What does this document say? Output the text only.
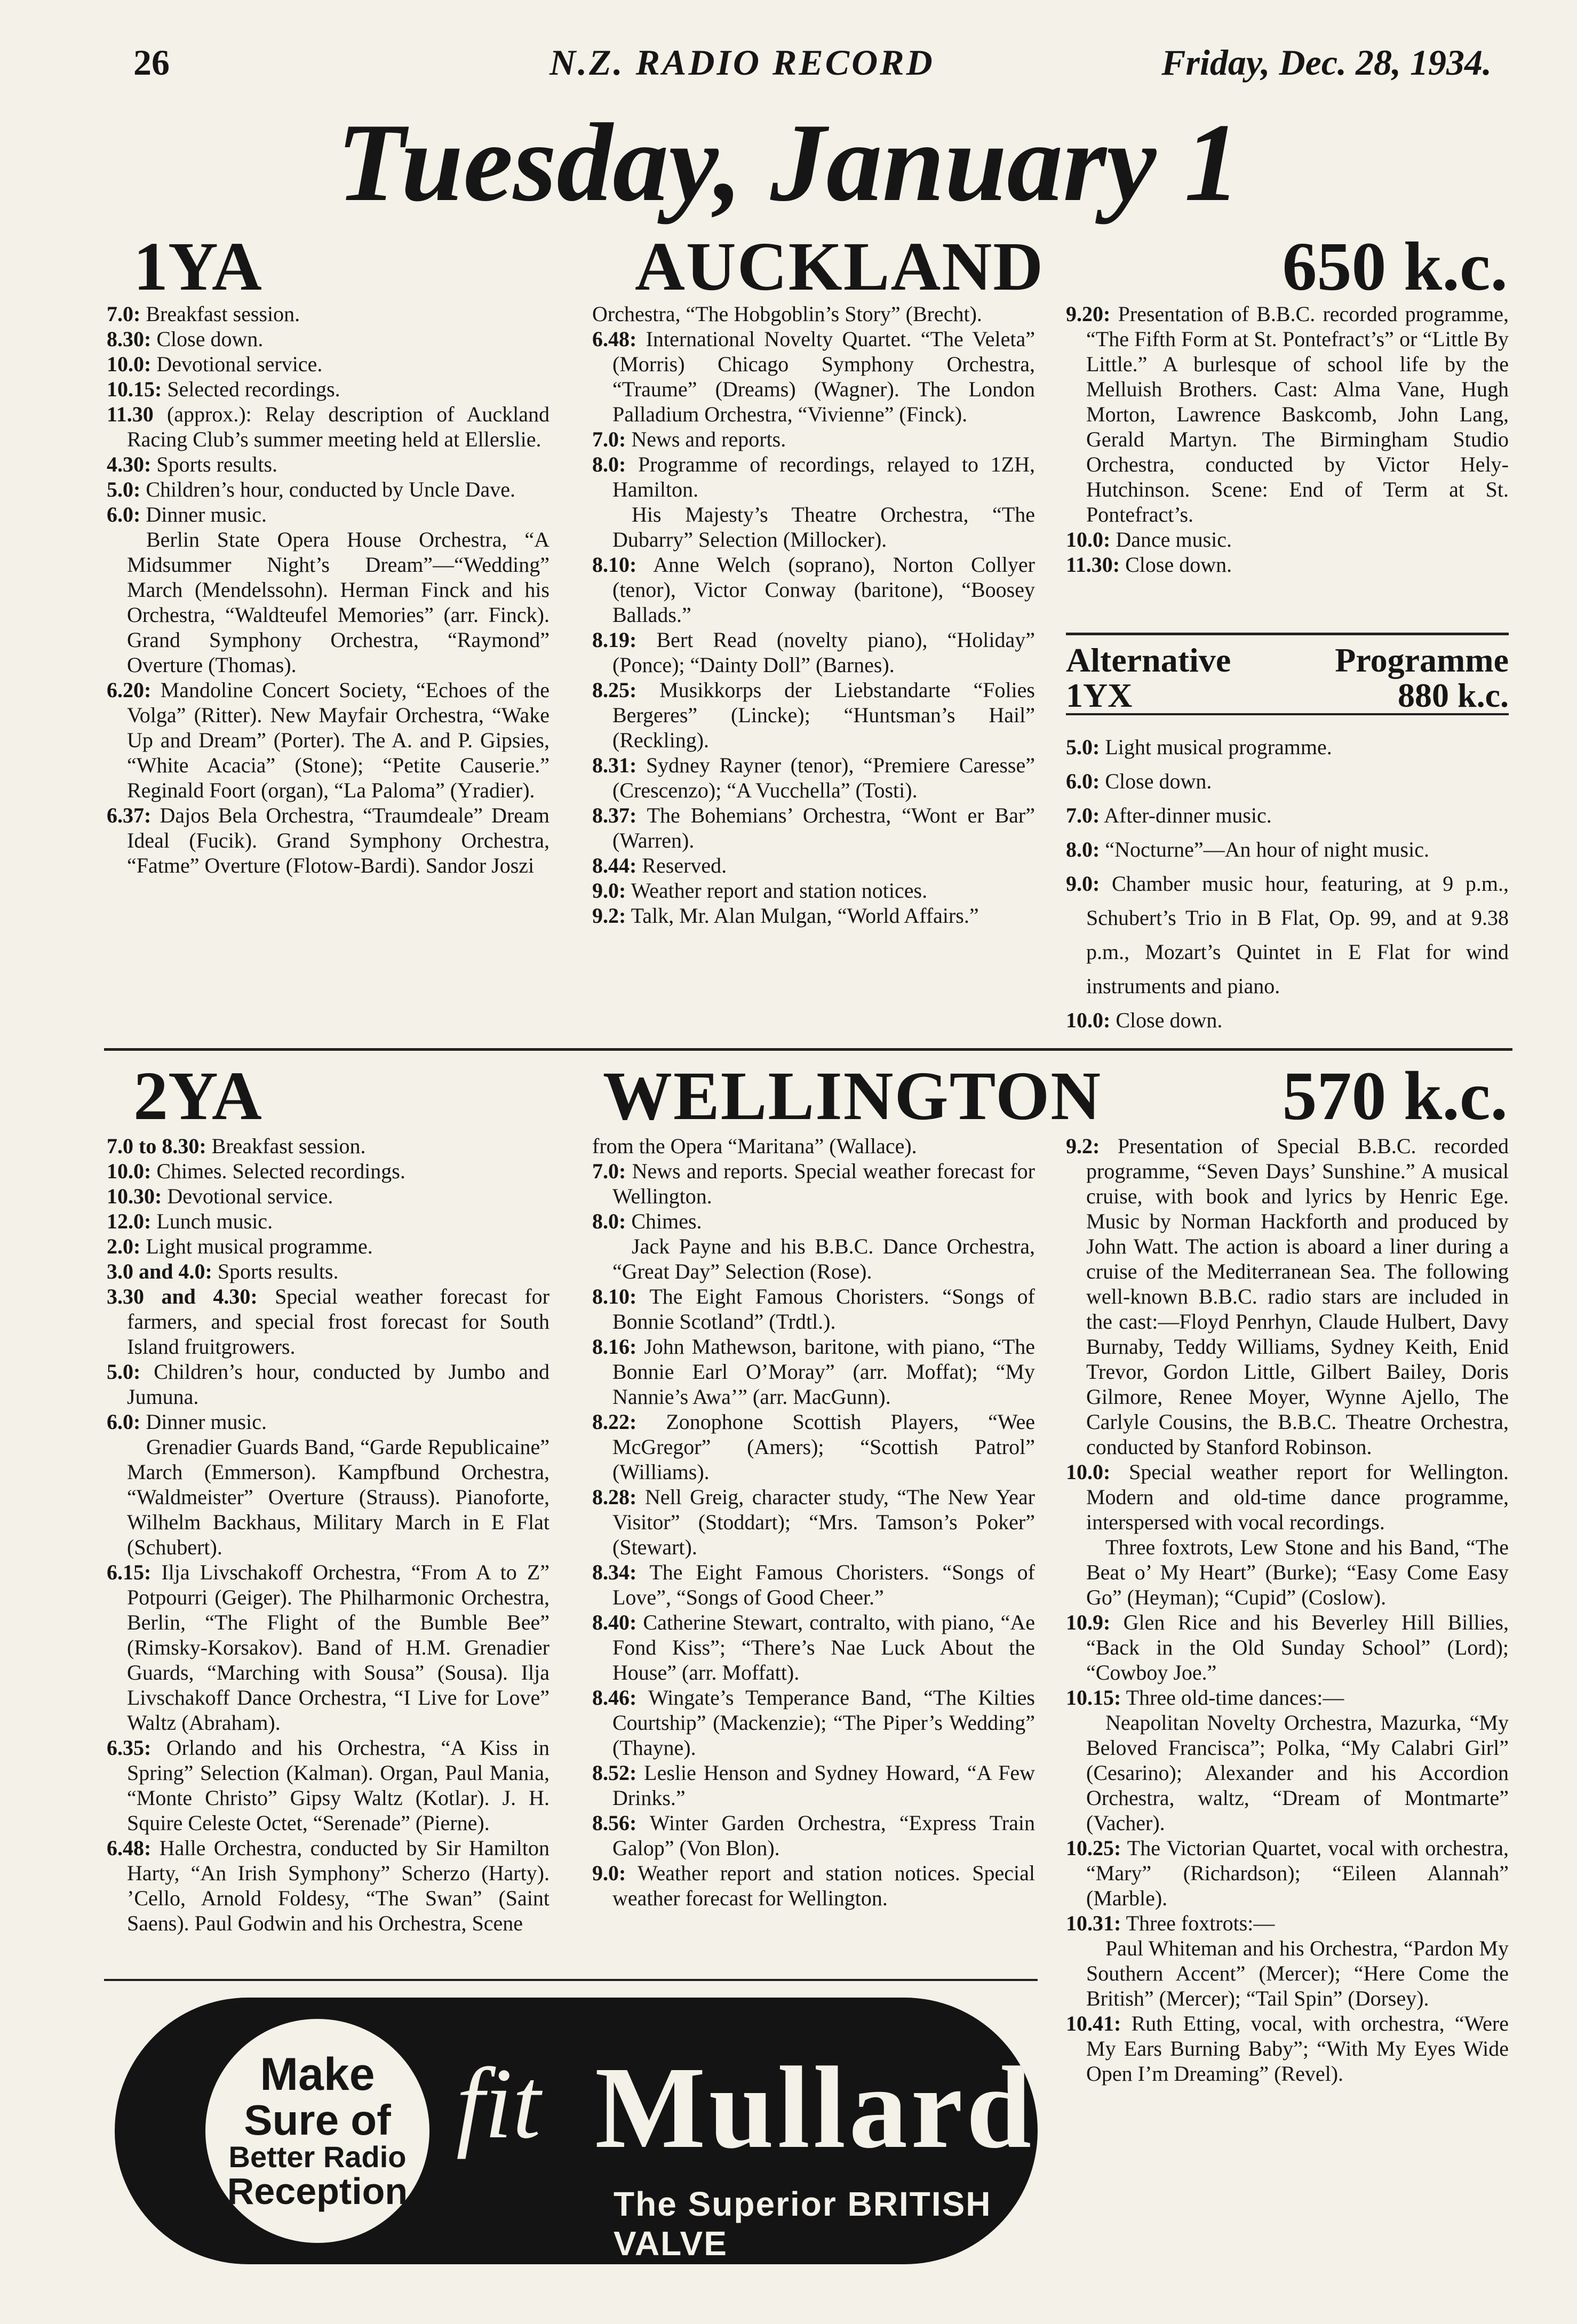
26	N.Z. RADIO RECORD	Friday, Dec. 28, 1934.
Tuesday, January 1
1YA	AUCKLAND	650 k.c.

7.0: Breakfast session.

8.30: Close down.

10.0: Devotional service.

10.15: Selected recordings.

11.30 (approx.): Relay description of Auckland Racing Club’s summer meeting held at Ellerslie.

4.30: Sports results.

5.0: Children’s hour, conducted by Uncle Dave.

6.0: Dinner music.

Berlin State Opera House Orchestra, “A Midsummer Night’s Dream”—“Wedding” March (Mendelssohn). Herman Finck and his Orchestra, “Waldteufel Memories” (arr. Finck). Grand Symphony Orchestra, “Raymond” Overture (Thomas).

6.20: Mandoline Concert Society, “Echoes of the Volga” (Ritter). New Mayfair Orchestra, “Wake Up and Dream” (Porter). The A. and P. Gipsies, “White Acacia” (Stone); “Petite Causerie.” Reginald Foort (organ), “La Paloma” (Yradier).

6.37: Dajos Bela Orchestra, “Traumdeale” Dream Ideal (Fucik). Grand Symphony Orchestra, “Fatme” Overture (Flotow-Bardi). Sandor Joszi

Orchestra, “The Hobgoblin’s Story” (Brecht).

6.48: International Novelty Quartet. “The Veleta” (Morris) Chicago Symphony Orchestra, “Traume” (Dreams) (Wagner). The London Palladium Orchestra, “Vivienne” (Finck).

7.0: News and reports.

8.0: Programme of recordings, relayed to 1ZH, Hamilton.

His Majesty’s Theatre Orchestra, “The Dubarry” Selection (Millocker).

8.10: Anne Welch (soprano), Norton Collyer (tenor), Victor Conway (baritone), “Boosey Ballads.”

8.19: Bert Read (novelty piano), “Holiday” (Ponce); “Dainty Doll” (Barnes).

8.25: Musikkorps der Liebstandarte “Folies Bergeres” (Lincke); “Huntsman’s Hail” (Reckling).

8.31: Sydney Rayner (tenor), “Premiere Caresse” (Crescenzo); “A Vucchella” (Tosti).

8.37: The Bohemians’ Orchestra, “Wont er Bar” (Warren).

8.44: Reserved.

9.0: Weather report and station notices.

9.2: Talk, Mr. Alan Mulgan, “World Affairs.”

9.20: Presentation of B.B.C. recorded programme, “The Fifth Form at St. Pontefract’s” or “Little By Little.” A burlesque of school life by the Melluish Brothers. Cast: Alma Vane, Hugh Morton, Lawrence Baskcomb, John Lang, Gerald Martyn. The Birmingham Studio Orchestra, conducted by Victor Hely-Hutchinson. Scene: End of Term at St. Pontefract’s.

10.0: Dance music.

11.30: Close down.

Alternative	Programme
1YX	880 k.c.

5.0: Light musical programme.

6.0: Close down.

7.0: After-dinner music.

8.0: “Nocturne”—An hour of night music.

9.0: Chamber music hour, featuring, at 9 p.m., Schubert’s Trio in B Flat, Op. 99, and at 9.38 p.m., Mozart’s Quintet in E Flat for wind instruments and piano.

10.0: Close down.

2YA	WELLINGTON	570 k.c.

7.0 to 8.30: Breakfast session.

10.0: Chimes. Selected recordings.

10.30: Devotional service.

12.0: Lunch music.

2.0: Light musical programme.

3.0 and 4.0: Sports results.

3.30 and 4.30: Special weather forecast for farmers, and special frost forecast for South Island fruitgrowers.

5.0: Children’s hour, conducted by Jumbo and Jumuna.

6.0: Dinner music.

Grenadier Guards Band, “Garde Republicaine” March (Emmerson). Kampfbund Orchestra, “Waldmeister” Overture (Strauss). Pianoforte, Wilhelm Backhaus, Military March in E Flat (Schubert).

6.15: Ilja Livschakoff Orchestra, “From A to Z” Potpourri (Geiger). The Philharmonic Orchestra, Berlin, “The Flight of the Bumble Bee” (Rimsky-Korsakov). Band of H.M. Grenadier Guards, “Marching with Sousa” (Sousa). Ilja Livschakoff Dance Orchestra, “I Live for Love” Waltz (Abraham).

6.35: Orlando and his Orchestra, “A Kiss in Spring” Selection (Kalman). Organ, Paul Mania, “Monte Christo” Gipsy Waltz (Kotlar). J. H. Squire Celeste Octet, “Serenade” (Pierne).

6.48: Halle Orchestra, conducted by Sir Hamilton Harty, “An Irish Symphony” Scherzo (Harty). ’Cello, Arnold Foldesy, “The Swan” (Saint Saens). Paul Godwin and his Orchestra, Scene

from the Opera “Maritana” (Wallace).

7.0: News and reports. Special weather forecast for Wellington.

8.0: Chimes.

Jack Payne and his B.B.C. Dance Orchestra, “Great Day” Selection (Rose).

8.10: The Eight Famous Choristers. “Songs of Bonnie Scotland” (Trdtl.).

8.16: John Mathewson, baritone, with piano, “The Bonnie Earl O’Moray” (arr. Moffat); “My Nannie’s Awa’” (arr. MacGunn).

8.22: Zonophone Scottish Players, “Wee McGregor” (Amers); “Scottish Patrol” (Williams).

8.28: Nell Greig, character study, “The New Year Visitor” (Stoddart); “Mrs. Tamson’s Poker” (Stewart).

8.34: The Eight Famous Choristers. “Songs of Love”, “Songs of Good Cheer.”

8.40: Catherine Stewart, contralto, with piano, “Ae Fond Kiss”; “There’s Nae Luck About the House” (arr. Moffatt).

8.46: Wingate’s Temperance Band, “The Kilties Courtship” (Mackenzie); “The Piper’s Wedding” (Thayne).

8.52: Leslie Henson and Sydney Howard, “A Few Drinks.”

8.56: Winter Garden Orchestra, “Express Train Galop” (Von Blon).

9.0: Weather report and station notices. Special weather forecast for Wellington.

9.2: Presentation of Special B.B.C. recorded programme, “Seven Days’ Sunshine.” A musical cruise, with book and lyrics by Henric Ege. Music by Norman Hackforth and produced by John Watt. The action is aboard a liner during a cruise of the Mediterranean Sea. The following well-known B.B.C. radio stars are included in the cast:—Floyd Penrhyn, Claude Hulbert, Davy Burnaby, Teddy Williams, Sydney Keith, Enid Trevor, Gordon Little, Gilbert Bailey, Doris Gilmore, Renee Moyer, Wynne Ajello, The Carlyle Cousins, the B.B.C. Theatre Orchestra, conducted by Stanford Robinson.

10.0: Special weather report for Wellington. Modern and old-time dance programme, interspersed with vocal recordings.

Three foxtrots, Lew Stone and his Band, “The Beat o’ My Heart” (Burke); “Easy Come Easy Go” (Heyman); “Cupid” (Coslow).

10.9: Glen Rice and his Beverley Hill Billies, “Back in the Old Sunday School” (Lord); “Cowboy Joe.”

10.15: Three old-time dances:—

Neapolitan Novelty Orchestra, Mazurka, “My Beloved Francisca”; Polka, “My Calabri Girl” (Cesarino); Alexander and his Accordion Orchestra, waltz, “Dream of Montmarte” (Vacher).

10.25: The Victorian Quartet, vocal with orchestra, “Mary” (Richardson); “Eileen Alannah” (Marble).

10.31: Three foxtrots:—

Paul Whiteman and his Orchestra, “Pardon My Southern Accent” (Mercer); “Here Come the British” (Mercer); “Tail Spin” (Dorsey).

10.41: Ruth Etting, vocal, with orchestra, “Were My Ears Burning Baby”; “With My Eyes Wide Open I’m Dreaming” (Revel).

Make
Sure of
Better Radio
Reception
fit Mullard
The Superior BRITISH VALVE
